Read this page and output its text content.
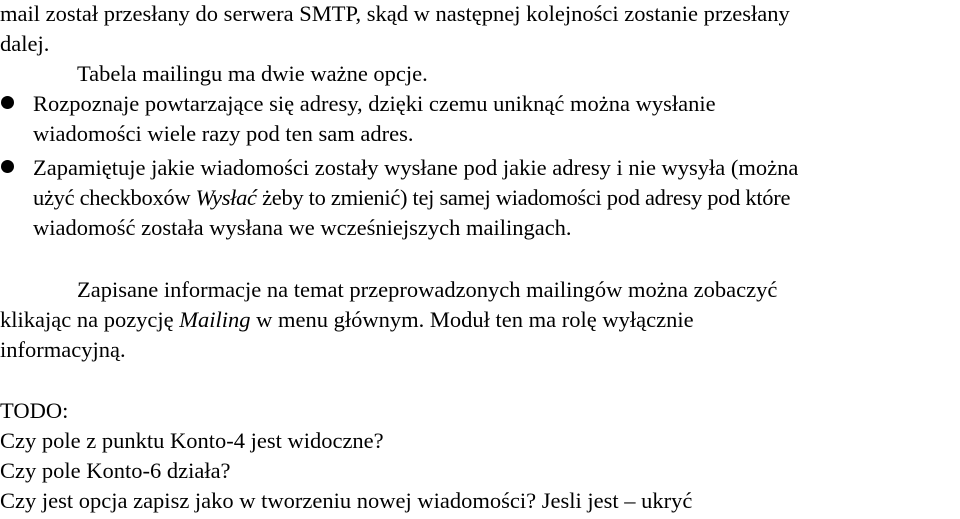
mail został przesłany do serwera SMTP, skąd w następnej kolejności zostanie przesłany
dalej.
Tabela mailingu ma dwie ważne opcje.
Rozpoznaje powtarzające się adresy, dzięki czemu uniknąć można wysłanie
wiadomości wiele razy pod ten sam adres.
Zapamiętuje jakie wiadomości zostały wysłane pod jakie adresy i nie wysyła (można
użyć checkboxów Wysłać żeby to zmienić) tej samej wiadomości pod adresy pod które
wiadomość została wysłana we wcześniejszych mailingach.
Zapisane informacje na temat przeprowadzonych mailingów można zobaczyć
klikając na pozycję Mailing w menu głównym. Moduł ten ma rolę wyłącznie
informacyjną.
TODO:
Czy pole z punktu Konto-4 jest widoczne?
Czy pole Konto-6 działa?
Czy jest opcja zapisz jako w tworzeniu nowej wiadomości? Jesli jest – ukryć
